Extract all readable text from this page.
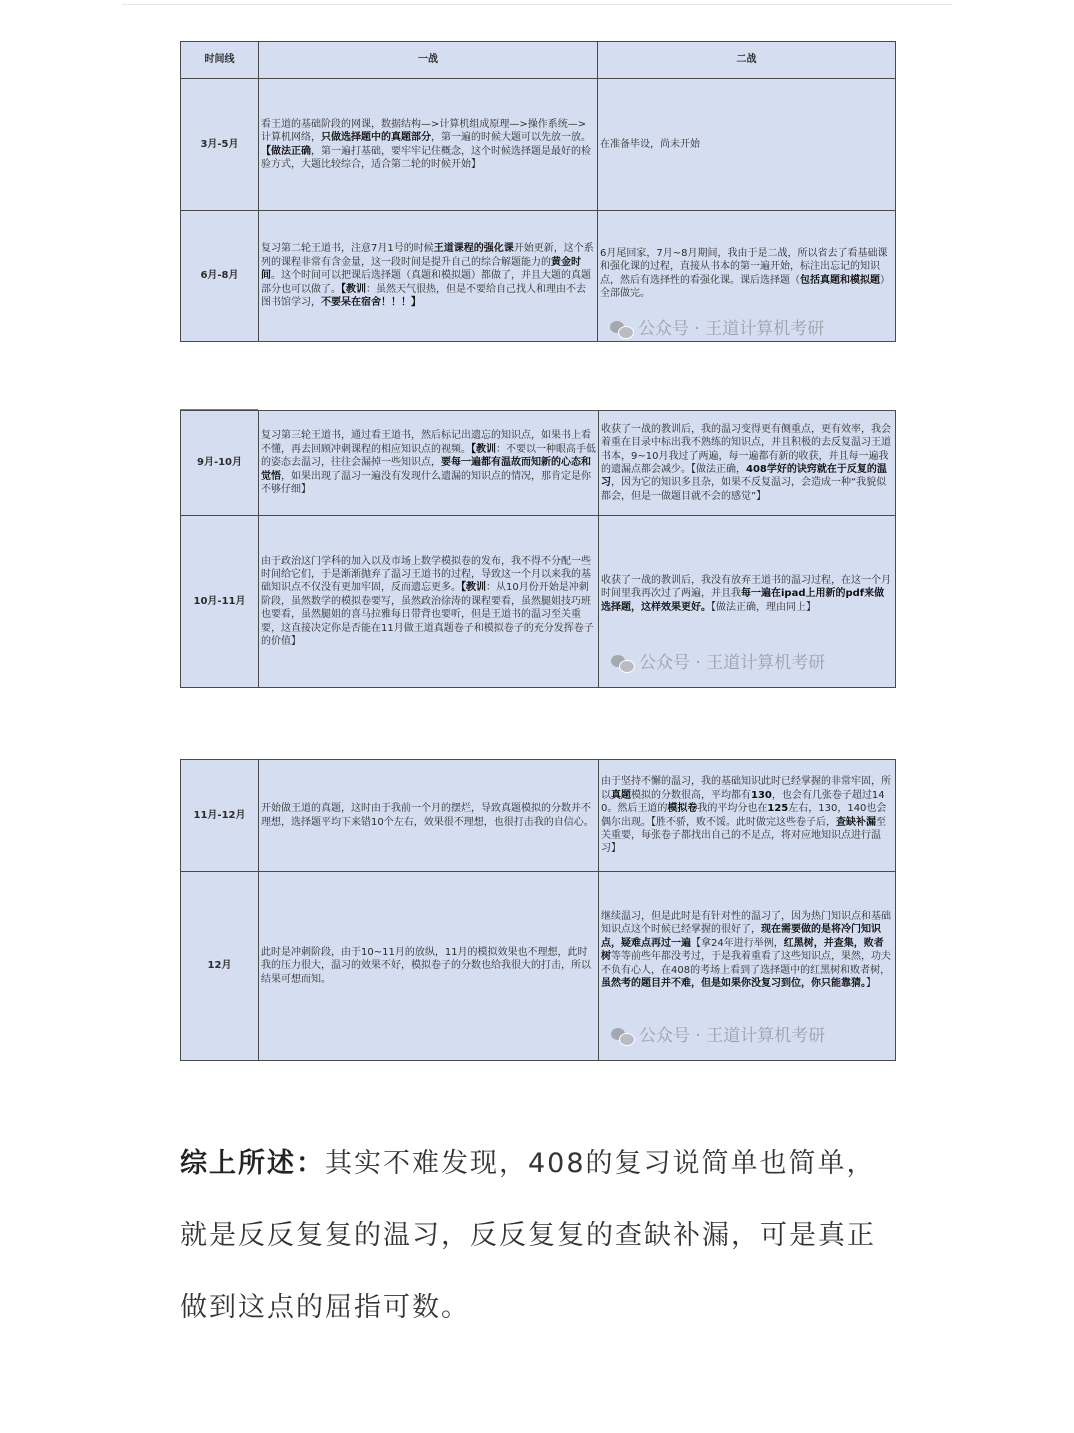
时间线	一战	二战
3月-5月	看王道的基础阶段的网课，数据结构—>计算机组成原理—>操作系统—>计算机网络，只做选择题中的真题部分，第一遍的时候大题可以先放一放。【做法正确，第一遍打基础，要牢牢记住概念，这个时候选择题是最好的检验方式，大题比较综合，适合第二轮的时候开始】	在准备毕设，尚未开始
6月-8月	复习第二轮王道书，注意7月1号的时候王道课程的强化课开始更新，这个系列的课程非常有含金量，这一段时间是提升自己的综合解题能力的黄金时间。这个时间可以把课后选择题（真题和模拟题）都做了，并且大题的真题部分也可以做了。【教训：虽然天气很热，但是不要给自己找人和理由不去图书馆学习，不要呆在宿舍！！！】	6月尾回家，7月~8月期间，我由于是二战，所以省去了看基础课和强化课的过程，直接从书本的第一遍开始，标注出忘记的知识点，然后有选择性的看强化课。课后选择题（包括真题和模拟题）全部做完。
公众号 · 王道计算机考研
9月-10月	复习第三轮王道书，通过看王道书，然后标记出遗忘的知识点，如果书上看不懂，再去回顾冲刺课程的相应知识点的视频。【教训：不要以一种眼高手低的姿态去温习，往往会漏掉一些知识点，要每一遍都有温故而知新的心态和觉悟，如果出现了温习一遍没有发现什么遗漏的知识点的情况，那肯定是你不够仔细】	收获了一战的教训后，我的温习变得更有侧重点，更有效率，我会着重在目录中标出我不熟练的知识点，并且积极的去反复温习王道书本，9~10月我过了两遍，每一遍都有新的收获，并且每一遍我的遗漏点都会减少。【做法正确，408学好的诀窍就在于反复的温习，因为它的知识多且杂，如果不反复温习，会造成一种“我貌似都会，但是一做题目就不会的感觉”】
10月-11月	由于政治这门学科的加入以及市场上数学模拟卷的发布，我不得不分配一些时间给它们，于是渐渐抛弃了温习王道书的过程，导致这一个月以来我的基础知识点不仅没有更加牢固，反而遗忘更多。【教训：从10月份开始是冲刺阶段，虽然数学的模拟卷要写，虽然政治徐涛的课程要看，虽然腿姐技巧班也要看，虽然腿姐的喜马拉雅每日带背也要听，但是王道书的温习至关重要，这直接决定你是否能在11月做王道真题卷子和模拟卷子的充分发挥卷子的价值】	收获了一战的教训后，我没有放弃王道书的温习过程，在这一个月时间里我再次过了两遍，并且我每一遍在ipad上用新的pdf来做选择题，这样效果更好。【做法正确，理由同上】
公众号 · 王道计算机考研
11月-12月	开始做王道的真题，这时由于我前一个月的摆烂，导致真题模拟的分数并不理想，选择题平均下来错10个左右，效果很不理想，也很打击我的自信心。	由于坚持不懈的温习，我的基础知识此时已经掌握的非常牢固，所以真题模拟的分数很高，平均都有130，也会有几张卷子超过140。然后王道的模拟卷我的平均分也在125左右，130，140也会偶尔出现。【胜不骄，败不馁。此时做完这些卷子后，查缺补漏至关重要，每张卷子都找出自己的不足点，将对应地知识点进行温习】
12月	此时是冲刺阶段，由于10~11月的放纵，11月的模拟效果也不理想，此时我的压力很大，温习的效果不好，模拟卷子的分数也给我很大的打击，所以结果可想而知。	继续温习，但是此时是有针对性的温习了，因为热门知识点和基础知识点这个时候已经掌握的很好了，现在需要做的是将冷门知识点，疑难点再过一遍【拿24年进行举例，红黑树，并查集，败者树等等前些年都没考过，于是我着重看了这些知识点，果然，功夫不负有心人，在408的考场上看到了选择题中的红黑树和败者树，虽然考的题目并不难，但是如果你没复习到位，你只能靠猜。】
公众号 · 王道计算机考研
综上所述：其实不难发现，408的复习说简单也简单，就是反反复复的温习，反反复复的查缺补漏，可是真正做到这点的屈指可数。
